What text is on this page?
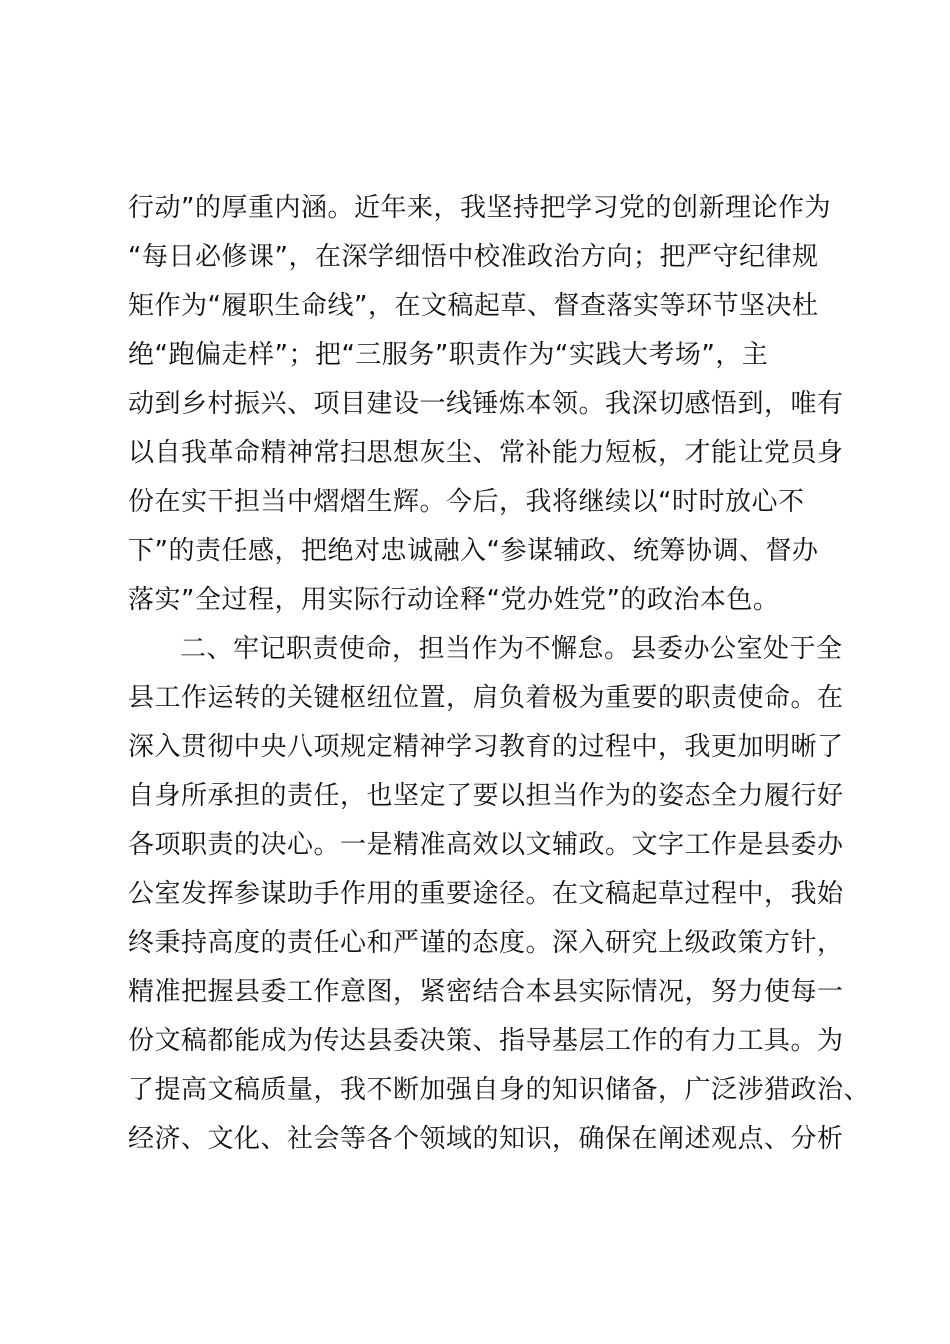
行动”的厚重内涵。近年来，我坚持把学习党的创新理论作为
“每日必修课”，在深学细悟中校准政治方向；把严守纪律规
矩作为“履职生命线”，在文稿起草、督查落实等环节坚决杜
绝“跑偏走样”；把“三服务”职责作为“实践大考场”，主
动到乡村振兴、项目建设一线锤炼本领。我深切感悟到，唯有
以自我革命精神常扫思想灰尘、常补能力短板，才能让党员身
份在实干担当中熠熠生辉。今后，我将继续以“时时放心不
下”的责任感，把绝对忠诚融入“参谋辅政、统筹协调、督办
落实”全过程，用实际行动诠释“党办姓党”的政治本色。
二、牢记职责使命，担当作为不懈怠。县委办公室处于全
县工作运转的关键枢纽位置，肩负着极为重要的职责使命。在
深入贯彻中央八项规定精神学习教育的过程中，我更加明晰了
自身所承担的责任，也坚定了要以担当作为的姿态全力履行好
各项职责的决心。一是精准高效以文辅政。文字工作是县委办
公室发挥参谋助手作用的重要途径。在文稿起草过程中，我始
终秉持高度的责任心和严谨的态度。深入研究上级政策方针，
精准把握县委工作意图，紧密结合本县实际情况，努力使每一
份文稿都能成为传达县委决策、指导基层工作的有力工具。为
了提高文稿质量，我不断加强自身的知识储备，广泛涉猎政治、
经济、文化、社会等各个领域的知识，确保在阐述观点、分析
